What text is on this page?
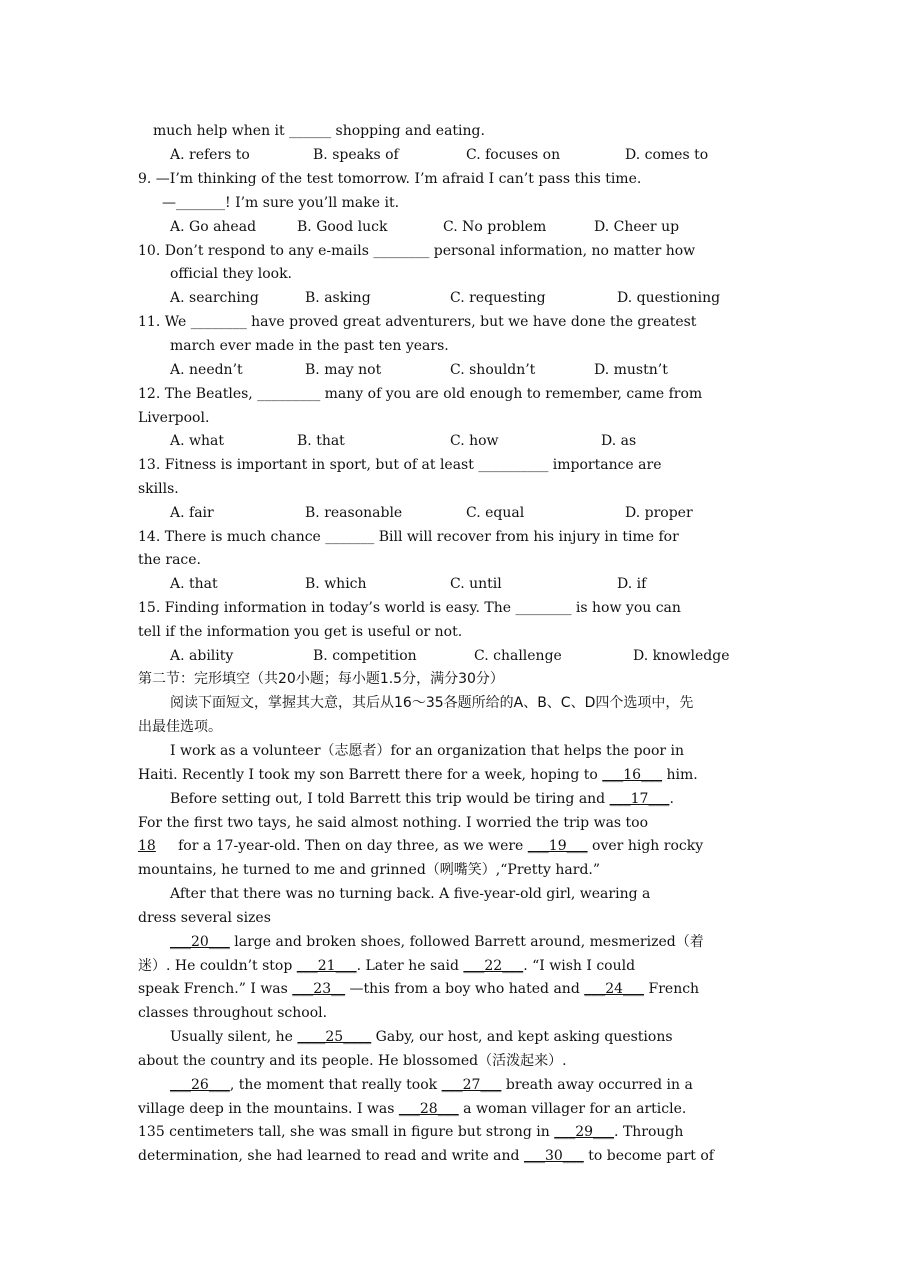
much help when it ______ shopping and eating.
A. refers to	B. speaks of	C. focuses on	D. comes to
9. —I’m thinking of the test tomorrow. I’m afraid I can’t pass this time.
—_______! I’m sure you’ll make it.
A. Go ahead	B. Good luck	C. No problem	D. Cheer up
10. Don’t respond to any e-mails ________ personal information, no matter how
official they look.
A. searching	B. asking	C. requesting	D. questioning
11. We ________ have proved great adventurers, but we have done the greatest
march ever made in the past ten years.
A. needn’t	B. may not	C. shouldn’t	D. mustn’t
12. The Beatles, _________ many of you are old enough to remember, came from
Liverpool.
A. what	B. that	C. how	D. as
13. Fitness is important in sport, but of at least __________ importance are
skills.
A. fair	B. reasonable	C. equal	D. proper
14. There is much chance _______ Bill will recover from his injury in time for
the race.
A. that	B. which	C. until	D. if
15. Finding information in today’s world is easy. The ________ is how you can
tell if the information you get is useful or not.
A. ability	B. competition	C. challenge	D. knowledge
第二节：完形填空（共20小题；每小题1.5分，满分30分）
阅读下面短文，掌握其大意，其后从16～35各题所给的A、B、C、D四个选项中，先
出最佳选项。
I work as a volunteer（志愿者）for an organization that helps the poor in
Haiti. Recently I took my son Barrett there for a week, hoping to ___16___ him.
Before setting out, I told Barrett this trip would be tiring and ___17___.
For the first two tays, he said almost nothing. I worried the trip was too
18     for a 17-year-old. Then on day three, as we were ___19___ over high rocky
mountains, he turned to me and grinned（咧嘴笑）,“Pretty hard.”
After that there was no turning back. A five-year-old girl, wearing a
dress several sizes
___20___ large and broken shoes, followed Barrett around, mesmerized（着
迷）. He couldn’t stop ___21___. Later he said ___22___. “I wish I could
speak French.” I was ___23__ —this from a boy who hated and ___24___ French
classes throughout school.
Usually silent, he ____25____ Gaby, our host, and kept asking questions
about the country and its people. He blossomed（活泼起来）.
___26___, the moment that really took ___27___ breath away occurred in a
village deep in the mountains. I was ___28___ a woman villager for an article.
135 centimeters tall, she was small in figure but strong in ___29___. Through
determination, she had learned to read and write and ___30___ to become part of
